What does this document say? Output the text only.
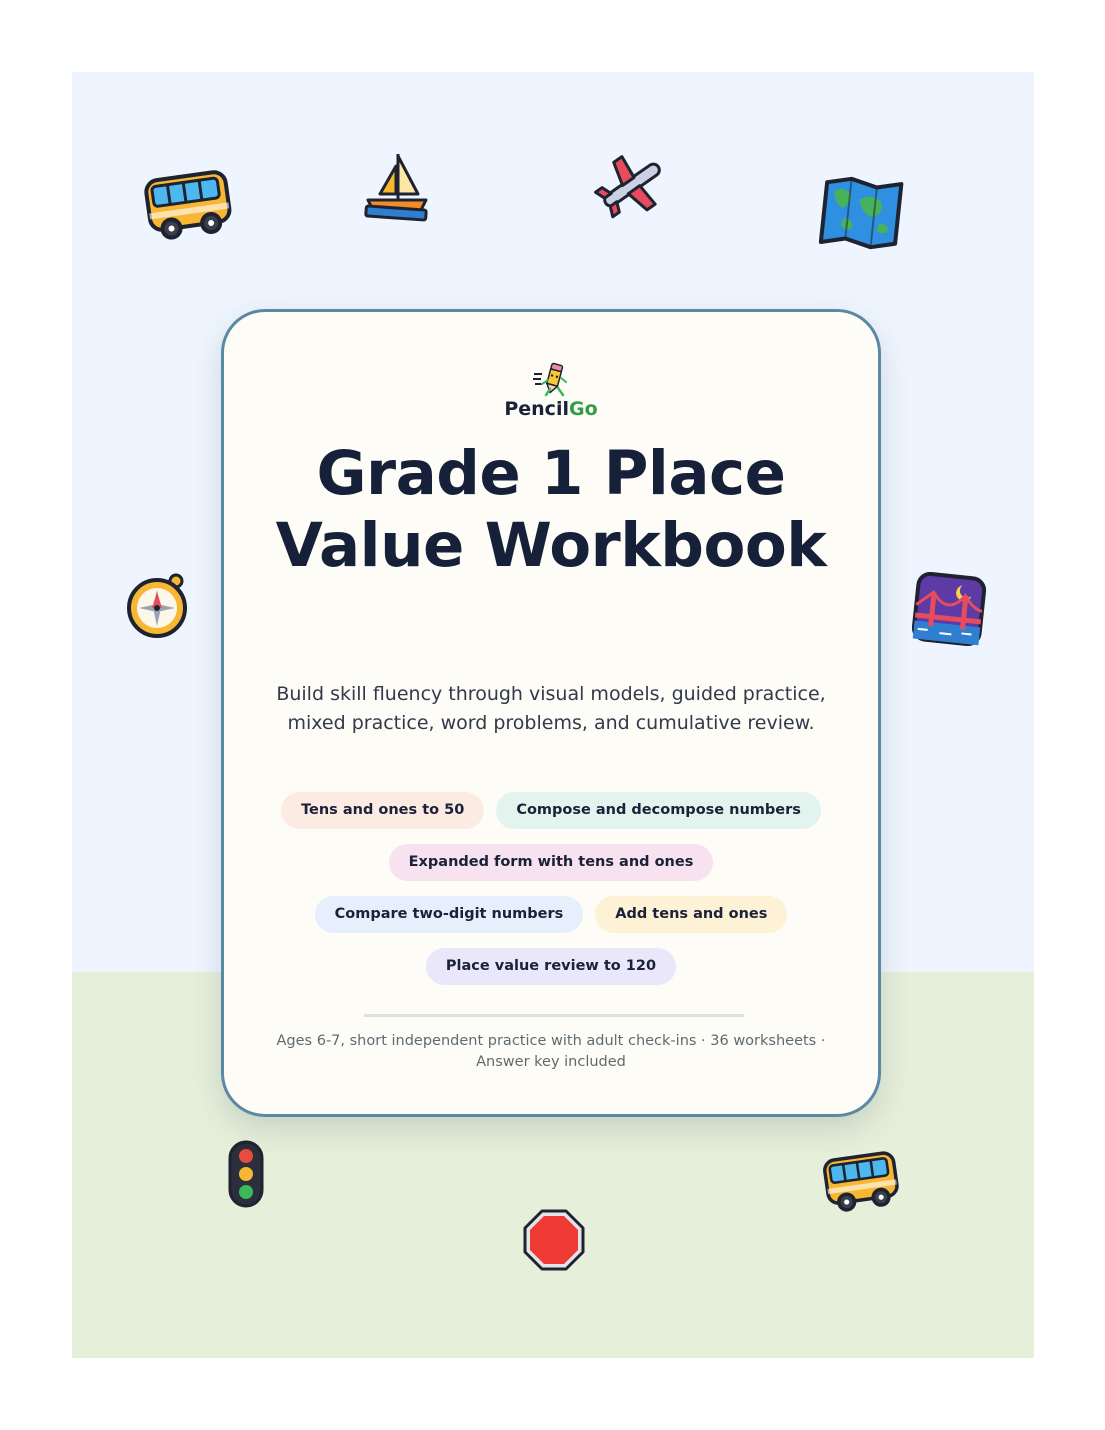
PencilGo
Grade 1 Place Value Workbook

Build skill fluency through visual models, guided practice, mixed practice, word problems, and cumulative review.

Tens and ones to 50	Compose and decompose numbers
Expanded form with tens and ones
Compare two-digit numbers	Add tens and ones
Place value review to 120

Ages 6-7, short independent practice with adult check-ins · 36 worksheets · Answer key included
